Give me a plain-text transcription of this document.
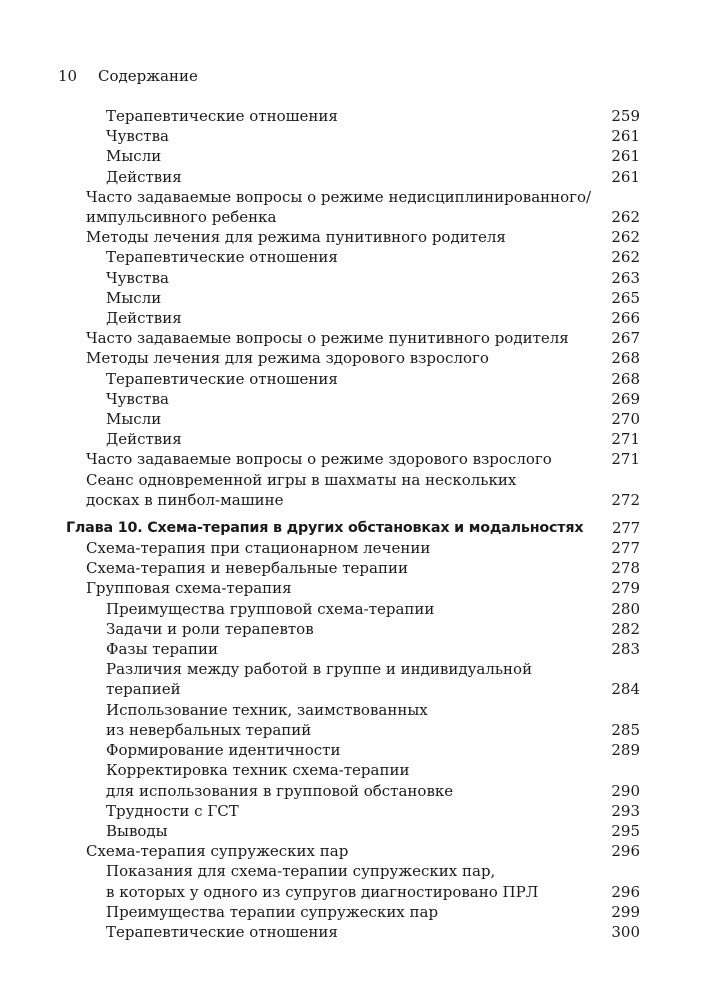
10 Содержание
Терапевтические отношения	259
Чувства	261
Мысли	261
Действия	261
Часто задаваемые вопросы о режиме недисциплинированного/
импульсивного ребенка	262
Методы лечения для режима пунитивного родителя	262
Терапевтические отношения	262
Чувства	263
Мысли	265
Действия	266
Часто задаваемые вопросы о режиме пунитивного родителя	267
Методы лечения для режима здорового взрослого	268
Терапевтические отношения	268
Чувства	269
Мысли	270
Действия	271
Часто задаваемые вопросы о режиме здорового взрослого	271
Сеанс одновременной игры в шахматы на нескольких
досках в пинбол-машине	272
Глава 10. Схема-терапия в других обстановках и модальностях	277
Схема-терапия при стационарном лечении	277
Схема-терапия и невербальные терапии	278
Групповая схема-терапия	279
Преимущества групповой схема-терапии	280
Задачи и роли терапевтов	282
Фазы терапии	283
Различия между работой в группе и индивидуальной терапией	284
Использование техник, заимствованных
из невербальных терапий	285
Формирование идентичности	289
Корректировка техник схема-терапии
для использования в групповой обстановке	290
Трудности с ГСТ	293
Выводы	295
Схема-терапия супружеских пар	296
Показания для схема-терапии супружеских пар,
в которых у одного из супругов диагностировано ПРЛ	296
Преимущества терапии супружеских пар	299
Терапевтические отношения	300
